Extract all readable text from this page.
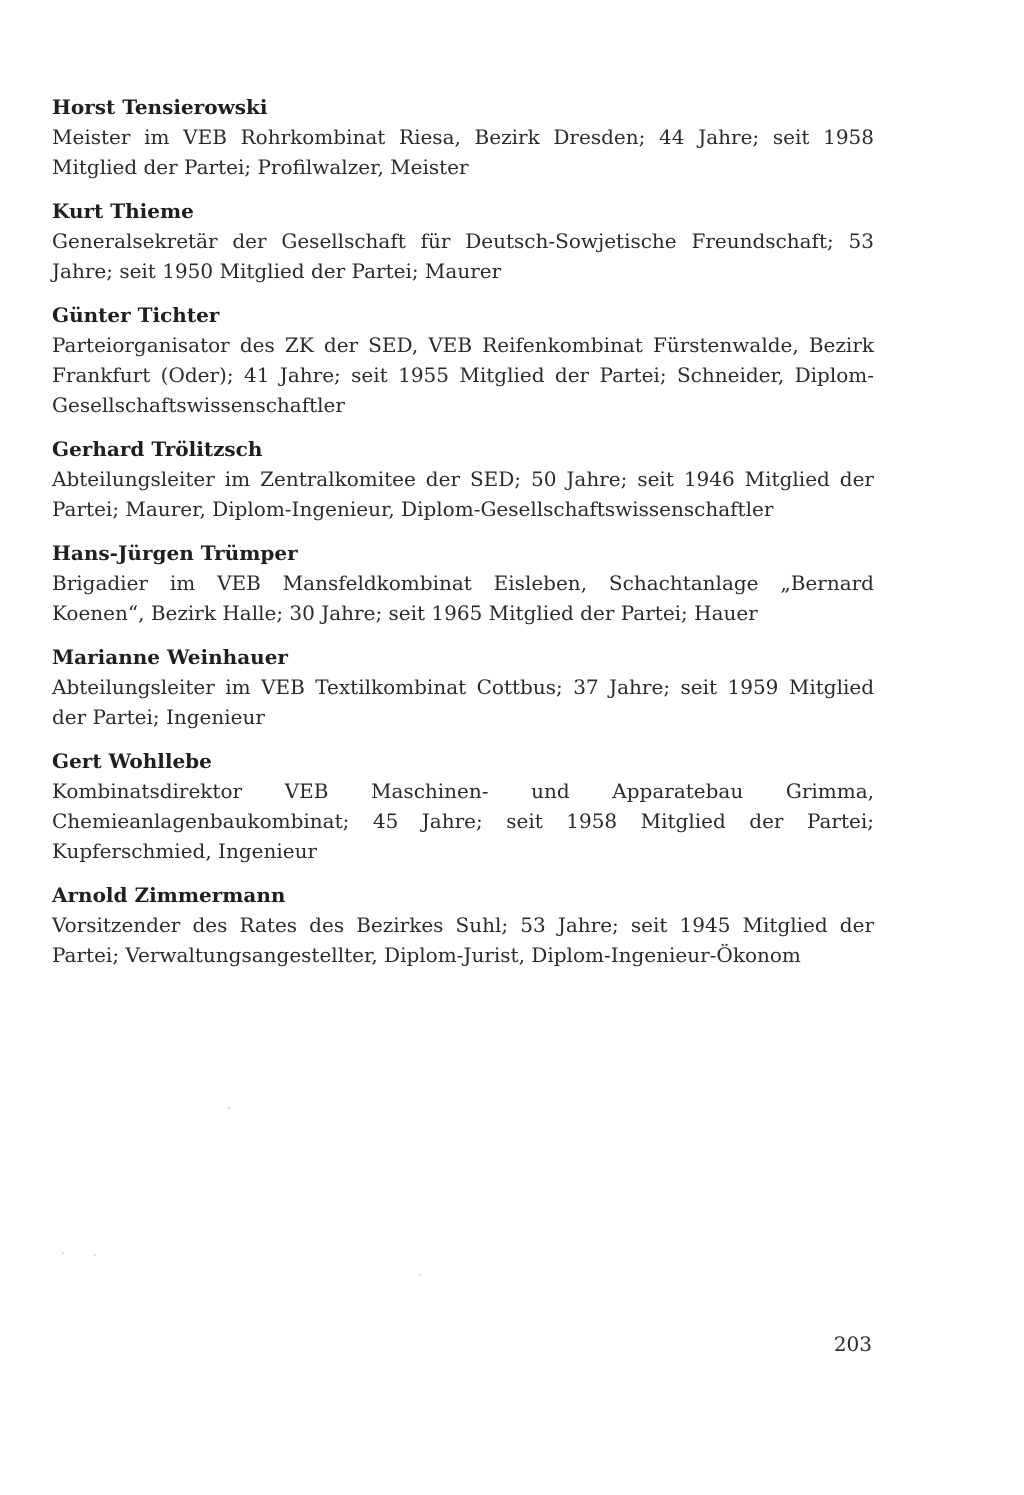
Horst Tensierowski
Meister im VEB Rohrkombinat Riesa, Bezirk Dresden; 44 Jahre; seit 1958 Mitglied der Partei; Profilwalzer, Meister
Kurt Thieme
Generalsekretär der Gesellschaft für Deutsch-Sowjetische Freundschaft; 53 Jahre; seit 1950 Mitglied der Partei; Maurer
Günter Tichter
Parteiorganisator des ZK der SED, VEB Reifenkombinat Fürstenwalde, Bezirk Frankfurt (Oder); 41 Jahre; seit 1955 Mitglied der Partei; Schneider, Diplom-Gesellschaftswissenschaftler
Gerhard Trölitzsch
Abteilungsleiter im Zentralkomitee der SED; 50 Jahre; seit 1946 Mitglied der Partei; Maurer, Diplom-Ingenieur, Diplom-Gesellschaftswissenschaftler
Hans-Jürgen Trümper
Brigadier im VEB Mansfeldkombinat Eisleben, Schachtanlage „Bernard Koenen“, Bezirk Halle; 30 Jahre; seit 1965 Mitglied der Partei; Hauer
Marianne Weinhauer
Abteilungsleiter im VEB Textilkombinat Cottbus; 37 Jahre; seit 1959 Mitglied der Partei; Ingenieur
Gert Wohllebe
Kombinatsdirektor VEB Maschinen- und Apparatebau Grimma, Chemieanlagenbaukombinat; 45 Jahre; seit 1958 Mitglied der Partei; Kupferschmied, Ingenieur
Arnold Zimmermann
Vorsitzender des Rates des Bezirkes Suhl; 53 Jahre; seit 1945 Mitglied der Partei; Verwaltungsangestellter, Diplom-Jurist, Diplom-Ingenieur-Ökonom
203
